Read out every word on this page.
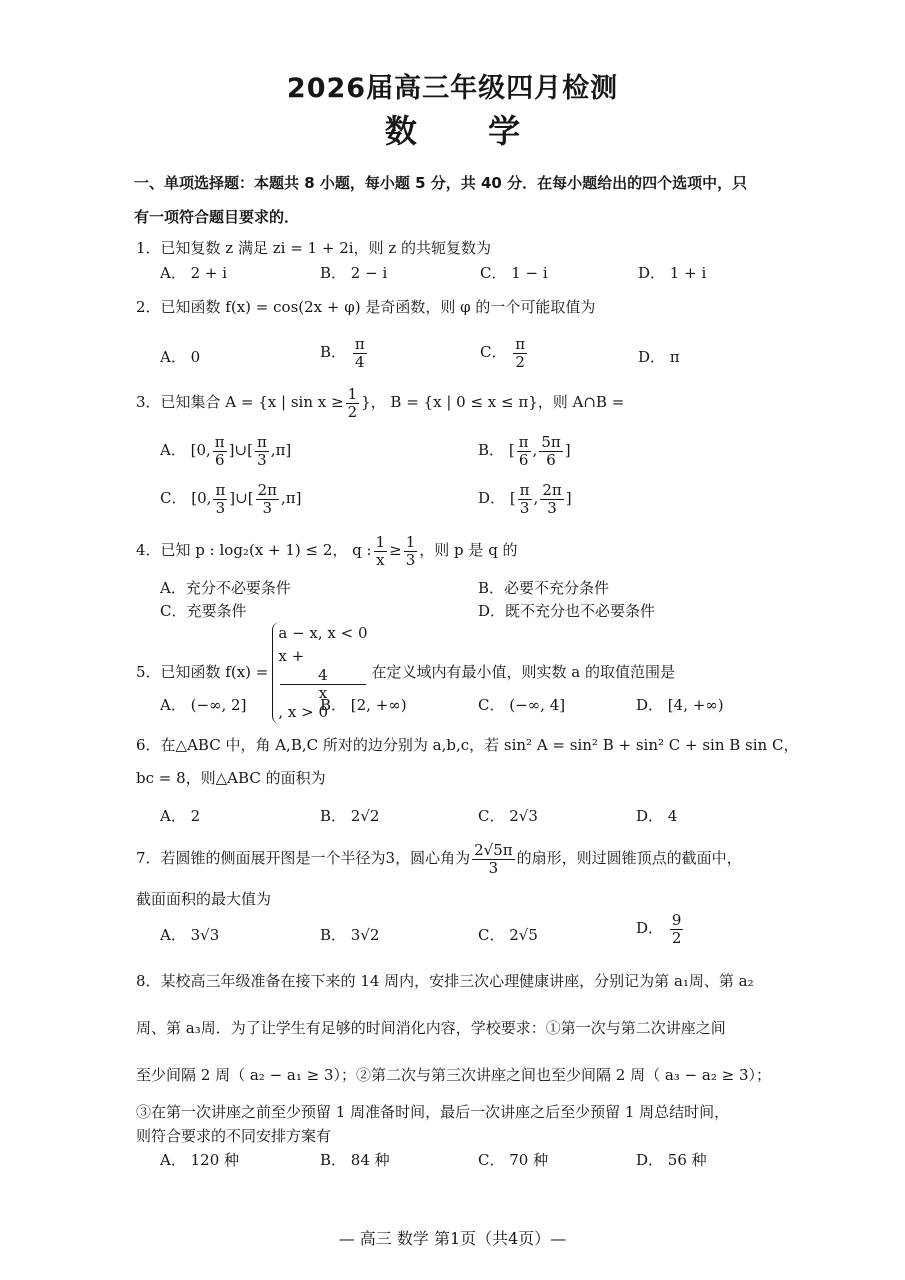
2026届高三年级四月检测
数 学
一、单项选择题：本题共 8 小题，每小题 5 分，共 40 分．在每小题给出的四个选项中，只
有一项符合题目要求的．
1．已知复数 z 满足 zi = 1 + 2i，则 z 的共轭复数为
A． 2 + i	B． 2 − i	C． 1 − i	D． 1 + i
2．已知函数 f(x) = cos(2x + φ) 是奇函数，则 φ 的一个可能取值为
A． 0	B． $\frac{\pi}{4}$	C． $\frac{\pi}{2}$	D． π
3．已知集合 A = {x | $\sin x \ge \frac{1}{2}$ }， B = {x | 0 ≤ x ≤ π}，则 A∩B =
A． [0, $\frac{\pi}{6}$ ]∪[ $\frac{\pi}{3} ,\pi$]	B． [ $\frac{\pi}{6}$ , $\frac{5\pi}{6}$ ]
C． [0, $\frac{\pi}{3}$ ]∪[ $\frac{2\pi}{3} ,\pi$]	D． [ $\frac{\pi}{3}$ , $\frac{2\pi}{3}$ ]
4．已知 p : log₂(x + 1) ≤ 2， q : $\frac{1}{x} \ge \frac{1}{3}$ ，则 p 是 q 的
A．充分不必要条件	B．必要不充分条件
C．充要条件	D．既不充分也不必要条件
5．已知函数 f(x) =
a − x, x < 0
x +
4
x
, x > 0
在定义域内有最小值，则实数 a 的取值范围是
A． (−∞, 2]	B． [2, +∞)	C． (−∞, 4]	D． [4, +∞)
6．在△ABC 中，角 A,B,C 所对的边分别为 a,b,c，若 sin² A = sin² B + sin² C + sin B sin C，
bc = 8，则△ABC 的面积为
A． 2	B． 2√2	C． 2√3	D． 4
7．若圆锥的侧面展开图是一个半径为3，圆心角为 $\frac{2√5\pi}{3}$ 的扇形，则过圆锥顶点的截面中，
截面面积的最大值为
A． 3√3	B． 3√2	C． 2√5	D． $\frac{9}{2}$
8．某校高三年级准备在接下来的 14 周内，安排三次心理健康讲座，分别记为第 a₁周、第 a₂
周、第 a₃周．为了让学生有足够的时间消化内容，学校要求：①第一次与第二次讲座之间
至少间隔 2 周（ a₂ − a₁ ≥ 3）；②第二次与第三次讲座之间也至少间隔 2 周（ a₃ − a₂ ≥ 3）；
③在第一次讲座之前至少预留 1 周准备时间，最后一次讲座之后至少预留 1 周总结时间，
则符合要求的不同安排方案有
A． 120 种	B． 84 种	C． 70 种	D． 56 种
— 高三 数学 第1页（共4页）—
